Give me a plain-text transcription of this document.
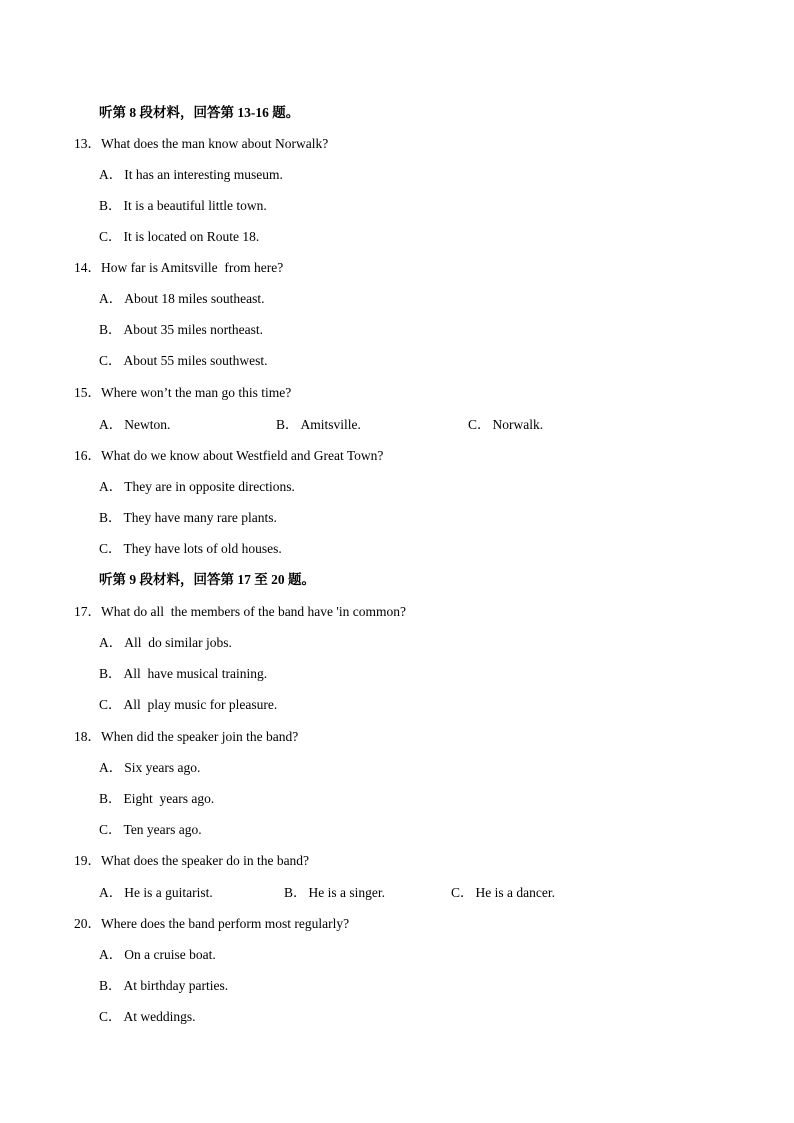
听第 8 段材料，回答第 13-16 题。
13．What does the man know about Norwalk?
A． It has an interesting museum.
B． It is a beautiful little town.
C． It is located on Route 18.
14．How far is Amitsville  from here?
A． About 18 miles southeast.
B． About 35 miles northeast.
C． About 55 miles southwest.
15．Where won’t the man go this time?
A． Newton.	B． Amitsville.	C． Norwalk.
16．What do we know about Westfield and Great Town?
A． They are in opposite directions.
B． They have many rare plants.
C． They have lots of old houses.
听第 9 段材料，回答第 17 至 20 题。
17．What do all  the members of the band have 'in common?
A． All  do similar jobs.
B． All  have musical training.
C． All  play music for pleasure.
18．When did the speaker join the band?
A． Six years ago.
B． Eight  years ago.
C． Ten years ago.
19．What does the speaker do in the band?
A． He is a guitarist.	B． He is a singer.	C． He is a dancer.
20．Where does the band perform most regularly?
A． On a cruise boat.
B． At birthday parties.
C． At weddings.
